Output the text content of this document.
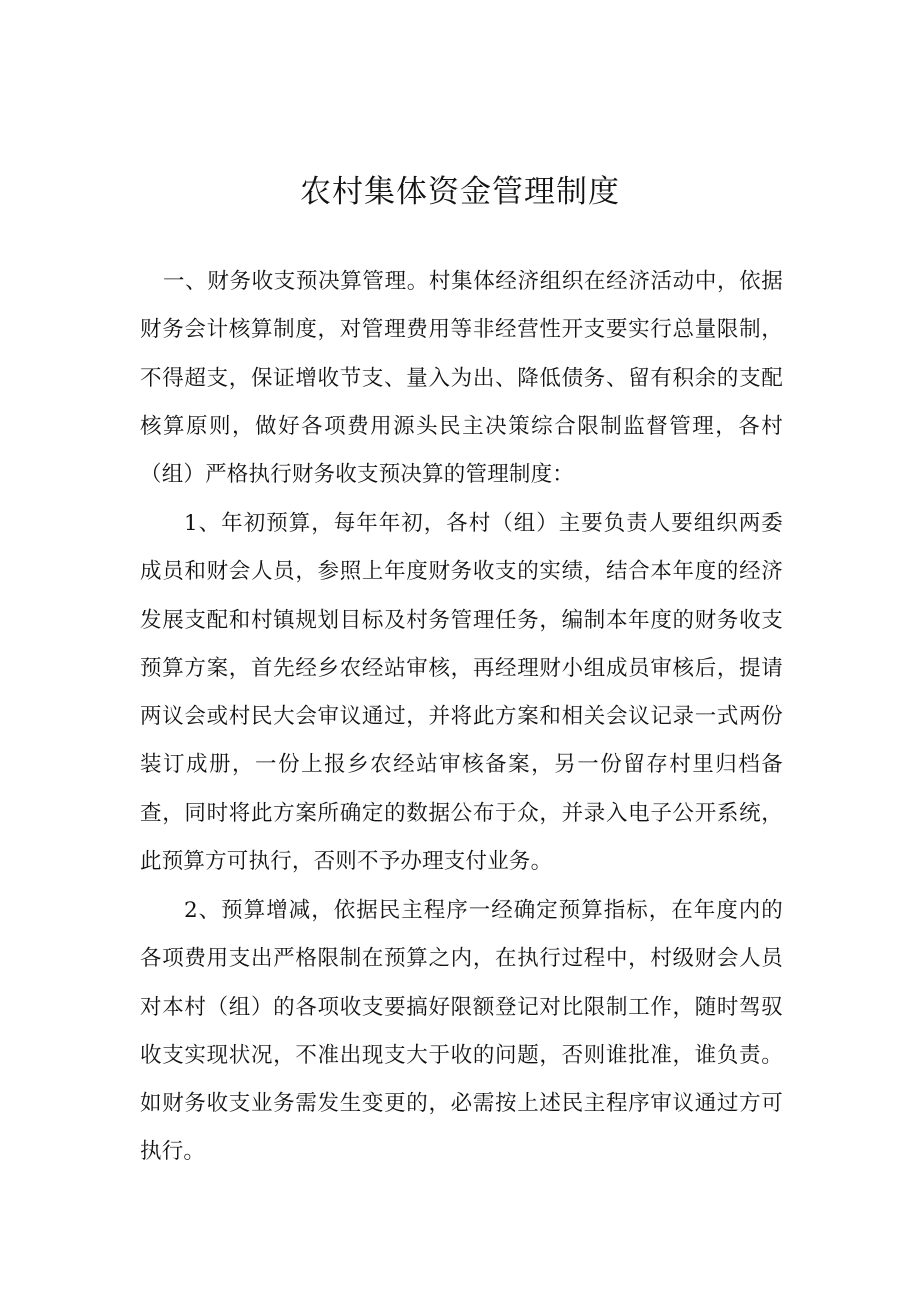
农村集体资金管理制度

一、财务收支预决算管理。村集体经济组织在经济活动中，依据财务会计核算制度，对管理费用等非经营性开支要实行总量限制，不得超支，保证增收节支、量入为出、降低债务、留有积余的支配核算原则，做好各项费用源头民主决策综合限制监督管理，各村（组）严格执行财务收支预决算的管理制度：

1、年初预算，每年年初，各村（组）主要负责人要组织两委成员和财会人员，参照上年度财务收支的实绩，结合本年度的经济发展支配和村镇规划目标及村务管理任务，编制本年度的财务收支预算方案，首先经乡农经站审核，再经理财小组成员审核后，提请两议会或村民大会审议通过，并将此方案和相关会议记录一式两份装订成册，一份上报乡农经站审核备案，另一份留存村里归档备查，同时将此方案所确定的数据公布于众，并录入电子公开系统，此预算方可执行，否则不予办理支付业务。

2、预算增减，依据民主程序一经确定预算指标，在年度内的各项费用支出严格限制在预算之内，在执行过程中，村级财会人员对本村（组）的各项收支要搞好限额登记对比限制工作，随时驾驭收支实现状况，不准出现支大于收的问题，否则谁批准，谁负责。如财务收支业务需发生变更的，必需按上述民主程序审议通过方可执行。
